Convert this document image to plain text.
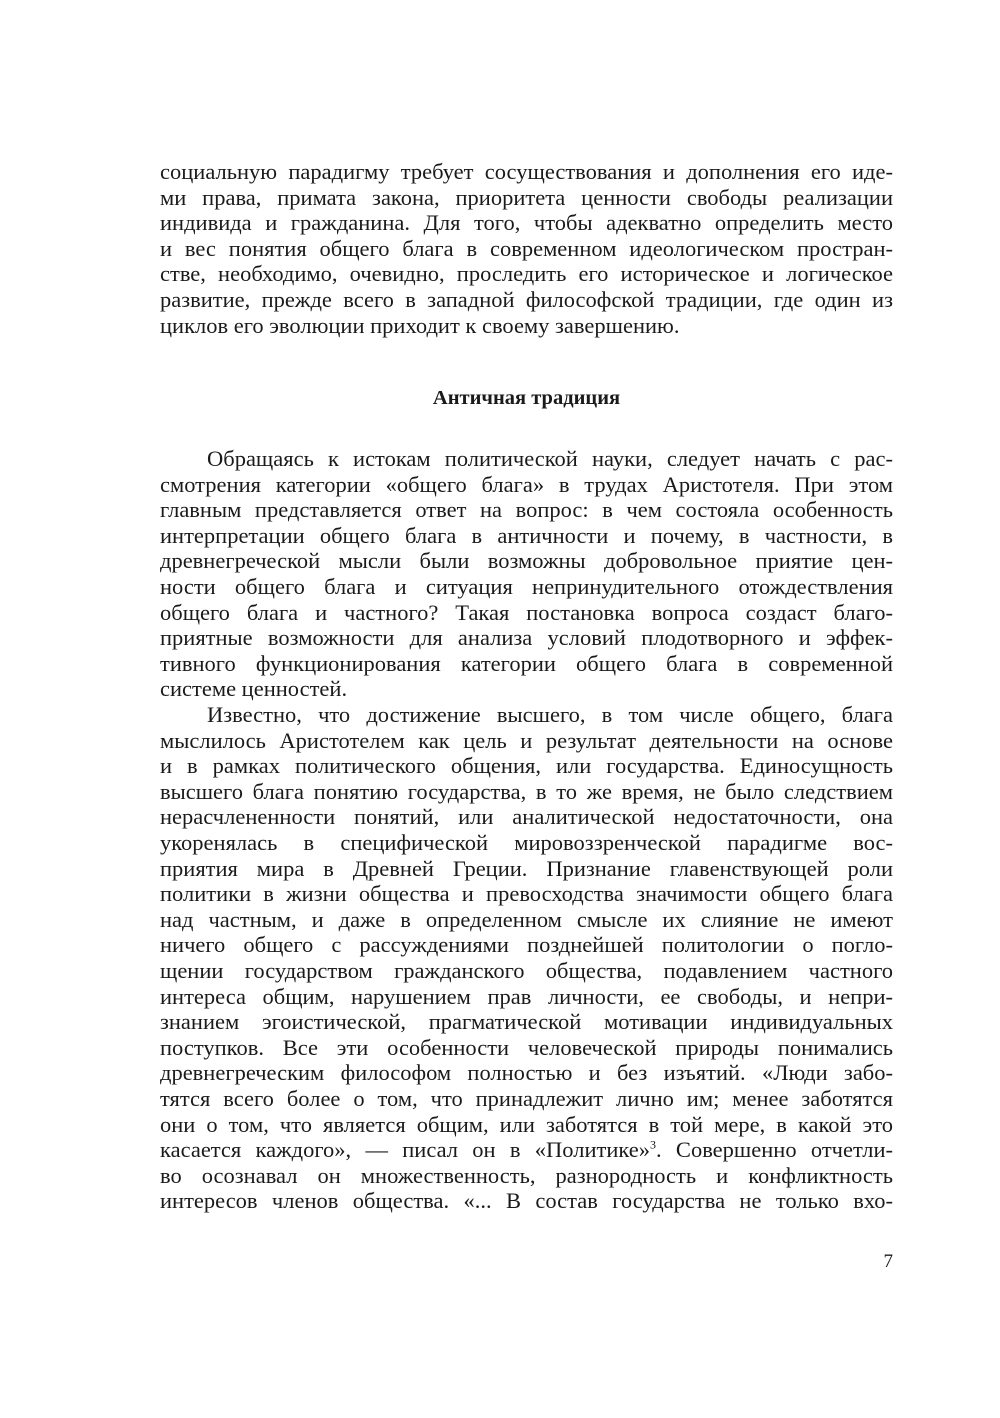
социальную парадигму требует сосуществования и дополнения его иде-
ми права, примата закона, приоритета ценности свободы реализации
индивида и гражданина. Для того, чтобы адекватно определить место
и вес понятия общего блага в современном идеологическом простран-
стве, необходимо, очевидно, проследить его историческое и логическое
развитие, прежде всего в западной философской традиции, где один из
циклов его эволюции приходит к своему завершению.
Античная традиция
Обращаясь к истокам политической науки, следует начать с рас-
смотрения категории «общего блага» в трудах Аристотеля. При этом
главным представляется ответ на вопрос: в чем состояла особенность
интерпретации общего блага в античности и почему, в частности, в
древнегреческой мысли были возможны добровольное приятие цен-
ности общего блага и ситуация непринудительного отождествления
общего блага и частного? Такая постановка вопроса создаст благо-
приятные возможности для анализа условий плодотворного и эффек-
тивного функционирования категории общего блага в современной
системе ценностей.
Известно, что достижение высшего, в том числе общего, блага
мыслилось Аристотелем как цель и результат деятельности на основе
и в рамках политического общения, или государства. Единосущность
высшего блага понятию государства, в то же время, не было следствием
нерасчлененности понятий, или аналитической недостаточности, она
укоренялась в специфической мировоззренческой парадигме вос-
приятия мира в Древней Греции. Признание главенствующей роли
политики в жизни общества и превосходства значимости общего блага
над частным, и даже в определенном смысле их слияние не имеют
ничего общего с рассуждениями позднейшей политологии о погло-
щении государством гражданского общества, подавлением частного
интереса общим, нарушением прав личности, ее свободы, и непри-
знанием эгоистической, прагматической мотивации индивидуальных
поступков. Все эти особенности человеческой природы понимались
древнегреческим философом полностью и без изъятий. «Люди забо-
тятся всего более о том, что принадлежит лично им; менее заботятся
они о том, что является общим, или заботятся в той мере, в какой это
касается каждого», — писал он в «Политике»$^3$. Совершенно отчетли-
во осознавал он множественность, разнородность и конфликтность
интересов членов общества. «... В состав государства не только вхо-
7
